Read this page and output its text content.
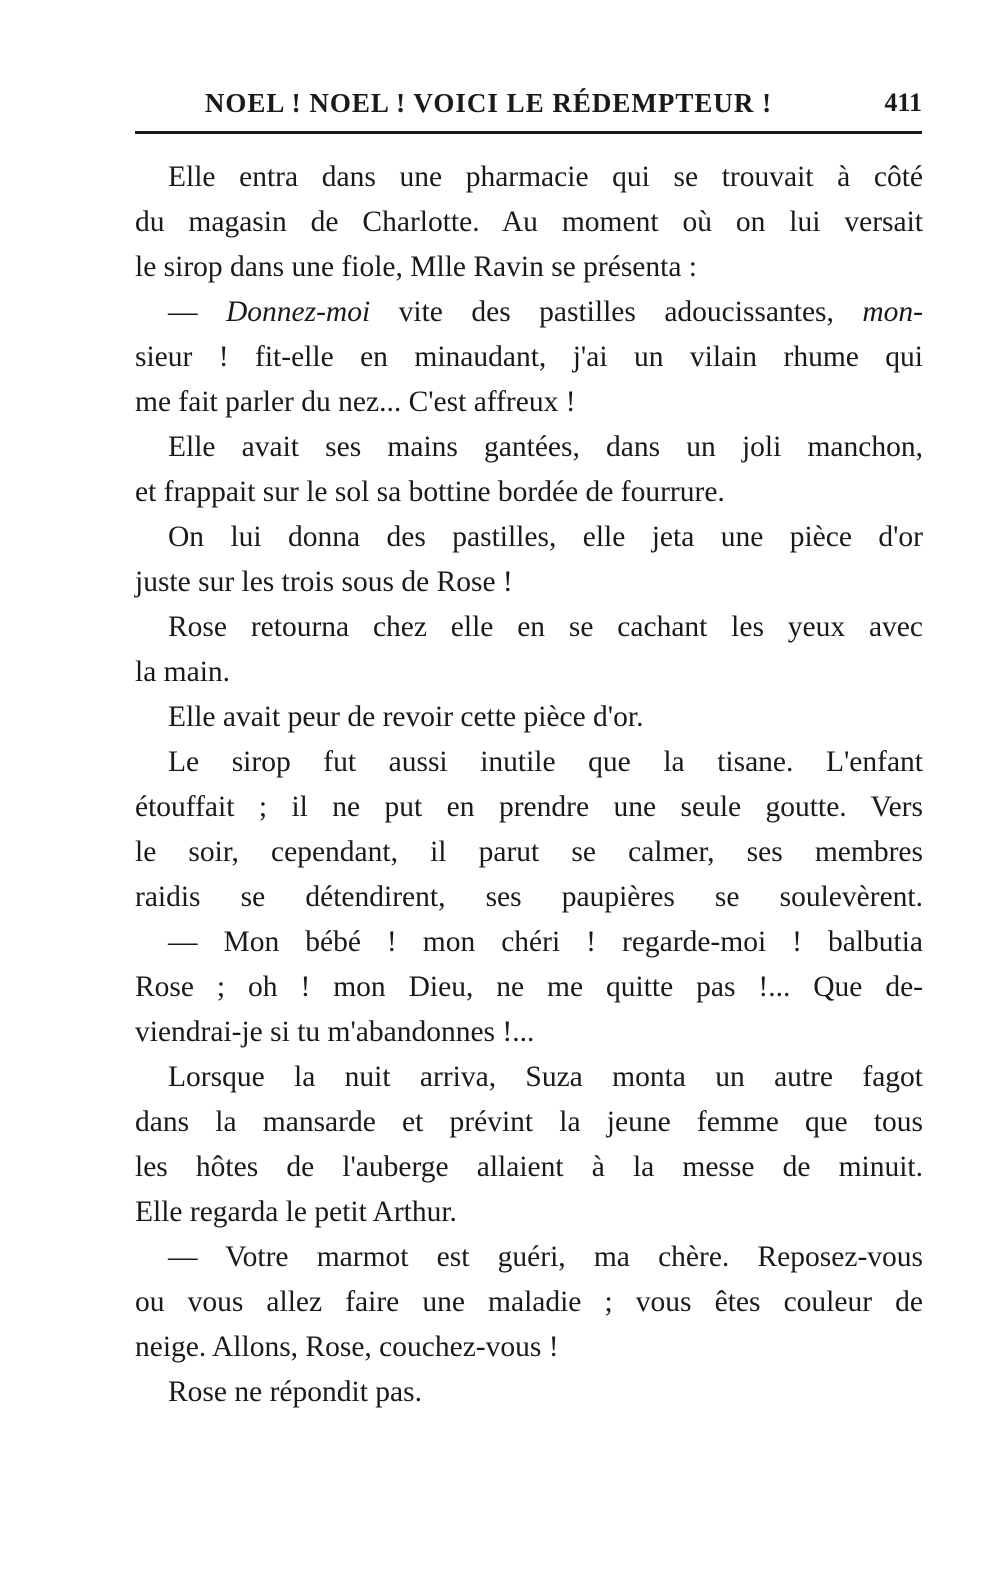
NOEL ! NOEL ! VOICI LE RÉDEMPTEUR !	411
Elle entra dans une pharmacie qui se trouvait à côté
du magasin de Charlotte. Au moment où on lui versait
le sirop dans une fiole, Mlle Ravin se présenta :
— Donnez-moi vite des pastilles adoucissantes, mon-
sieur ! fit-elle en minaudant, j'ai un vilain rhume qui
me fait parler du nez... C'est affreux !
Elle avait ses mains gantées, dans un joli manchon,
et frappait sur le sol sa bottine bordée de fourrure.
On lui donna des pastilles, elle jeta une pièce d'or
juste sur les trois sous de Rose !
Rose retourna chez elle en se cachant les yeux avec
la main.
Elle avait peur de revoir cette pièce d'or.
Le sirop fut aussi inutile que la tisane. L'enfant
étouffait ; il ne put en prendre une seule goutte. Vers
le soir, cependant, il parut se calmer, ses membres
raidis se détendirent, ses paupières se soulevèrent.
— Mon bébé ! mon chéri ! regarde-moi ! balbutia
Rose ; oh ! mon Dieu, ne me quitte pas !... Que de-
viendrai-je si tu m'abandonnes !...
Lorsque la nuit arriva, Suza monta un autre fagot
dans la mansarde et prévint la jeune femme que tous
les hôtes de l'auberge allaient à la messe de minuit.
Elle regarda le petit Arthur.
— Votre marmot est guéri, ma chère. Reposez-vous
ou vous allez faire une maladie ; vous êtes couleur de
neige. Allons, Rose, couchez-vous !
Rose ne répondit pas.
